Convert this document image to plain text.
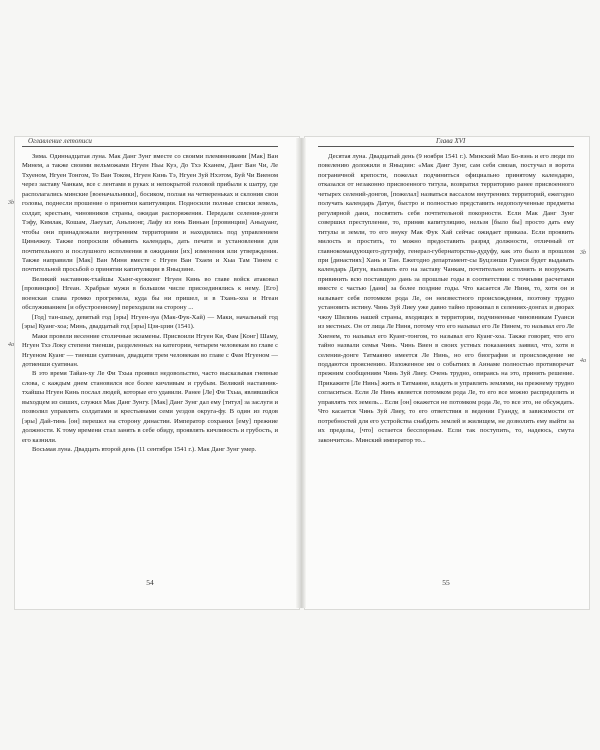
Оглавление летописи
3b
4a

Зима. Одиннадцатая луна. Мак Данг Зунг вместе со своими племянниками [Мак] Ван Минем, а также своими вельможами Нгуен Ньы Куэ, До Тхэ Кханем, Данг Ван Чи, Ле Тхуеном, Нгуен Тонгом, То Ван Током, Нгуен Кинь Тэ, Нгуен Зуй Нхэтом, Буй Чи Виеном через заставу Чанкам, все с лентами в руках и непокрытой головой прибыли к шатру, где располагались минские [военачальники], босиком, ползая на четвереньках и склонив свои головы, поднесли прошение о принятии капитуляции. Подносили полные списки земель, солдат, крестьян, чиновников страны, ожидая распоряжения. Передали селения-донги Тэфу, Кимлак, Кошам, Лаеухат, Аньлионг, Лафу из юнь Виньан [провинции] Аньцуанг, чтобы они принадлежали внутренним территориям и находились под управлением Циньчжоу. Также попросили объявить календарь, дать печати и установления для почтительного и послушного исполнения в ожидании [их] изменения или утверждения. Также направили [Мак] Ван Миня вместе с Нгуен Ван Тхаем и Хыа Там Тинем с почтительной просьбой о принятии капитуляции в Яньцзине.

Великий наставник-тхайшы Хынг-куокконг Нгуен Кинь во главе войск атаковал [провинцию] Нгеан. Храбрые мужи в большом числе присоединялись к нему. [Его] военская слава громко прогремела, куда бы ни пришел, и в Тхань-хоа и Нгеан обслуживанием [и обустроенному] переходили на сторону ...

[Год] тан-шыу, девятый год [эры] Нгуен-зуа (Мак-Фук-Хай) — Маки, начальный год [эры] Куанг-хоа; Минь, двадцатый год [эры] Цзя-цзин (1541).

Маки провели весенние столичные экзамены. Присвоили Нгуен Ки, Фам [Конг] Шаму, Нгуен Тхэ Локу степени тиенши, разделенных на категории, четырем человекам во главе с Нгуеном Куанг — тиенши суатинан, двадцати трем человекам во главе с Фам Нгуеном — дотиенши суатинан.

В это время Тайан-ху Ле Фи Тхыа проявил недовольство, часто высказывая гневные слова, с каждым днем становился все более кичливым и грубым. Великий наставник-тхайшы Нгуен Кинь послал людей, которые его удавили. Ранее [Ле] Фи Тхыа, являвшийся выходцем из сиших, служил Мак Данг Зунгу. [Мак] Данг Зунг дал ему [титул] за заслуги и позволил управлять солдатами и крестьянами семи уездов округа-фу. В один из годов [эры] Дай-тинь [он] перешел на сторону династии. Император сохранил [ему] прежние должности. К тому времени стал занять в себе обиду, проявлять кичливость и грубость, и его казнили.

Восьмая луна. Двадцать второй день (11 сентября 1541 г.). Мак Данг Зунг умер.

54
Глава XVI
3b
4a

Десятая луна. Двадцатый день (9 ноября 1541 г.). Минский Мао Бо-вэнь и его люди по повелению доложили в Яньцзин: «Мак Данг Зунг, сам себя связав, постучал в ворота пограничной крепости, пожелал подчиниться официально принятому календарю, отказался от незаконно присвоенного титула, возвратил территорию ранее присвоенного четырех селений-донгов, [пожелал] назваться вассалом внутренних территорий, ежегодно получать календарь Датун, быстро и полностью представить недополученные предметы регулярной дани, посвятить себя почтительной покорности. Если Мак Данг Зунг совершил преступление, то, приняв капитуляцию, нельзя [было бы] просто дать ему титулы и земли, то его внуку Мак Фук Хай сейчас ожидает приказа. Если проявить милость и простить, то можно предоставить разряд должности, отличный от главнокомандующего-дутунфу, генерал-губернаторства-дудуфу, как это было в прошлом при [династиях] Хань и Тан. Ежегодно департамент-сы Буцзэнши Гуанси будет выдавать календарь Датун, вызывать его на заставу Чанкам, почтительно исполнять и вооружать привинить всю поставщую дань за прошлые годы в соответствии с точными расчетами вместе с частью [дани] за более поздние годы. Что касается Ле Ниня, то, хотя он и называет себя потомком рода Ле, он неизвестного происхождения, поэтому трудно установить истину. Чинь Зуй Лиеу уже давно тайно проживал в селениях-донгах и дворах чжоу Шилинь нашей страны, входящих в территории, подчиненные чиновникам Гуанси из местных. Он от лица Ле Ниня, потому что его называл его Ле Нинем, то называл его Ле Хиенем, то называл его Куанг-тонгом, то называл его Куанг-хоа. Также говорят, что его тайно назвали семья Чинь. Чинь Виен в своих устных показаниях заявил, что, хотя в селении-донге Татмаяню имеется Ле Нинь, но его биография и происхождение не поддаются прояснению. Изложенное им о событиях в Аннаме полностью противоречат прежним сообщениям Чинь Зуй Лиеу. Очень трудно, опираясь на это, принять решение. Прикажите [Ле Нинь] жить в Татмаяне, владеть и управлять землями, на прежнему трудно согласиться. Если Ле Нинь является потомком рода Ле, то его все можно распределить и управлять тех земель... Если [он] окажется не потомком рода Ле, то все это, не обсуждать. Что касается Чинь Зуй Лиеу, то его ответствия в ведении Гуанду, в зависимости от потребностей для его устройства снабдить землей и жилищем, не дозволить ему выйти за их пределы, [что] остается бесспорным. Если так поступить, то, надеюсь, смута закончится». Минский император то...

55
